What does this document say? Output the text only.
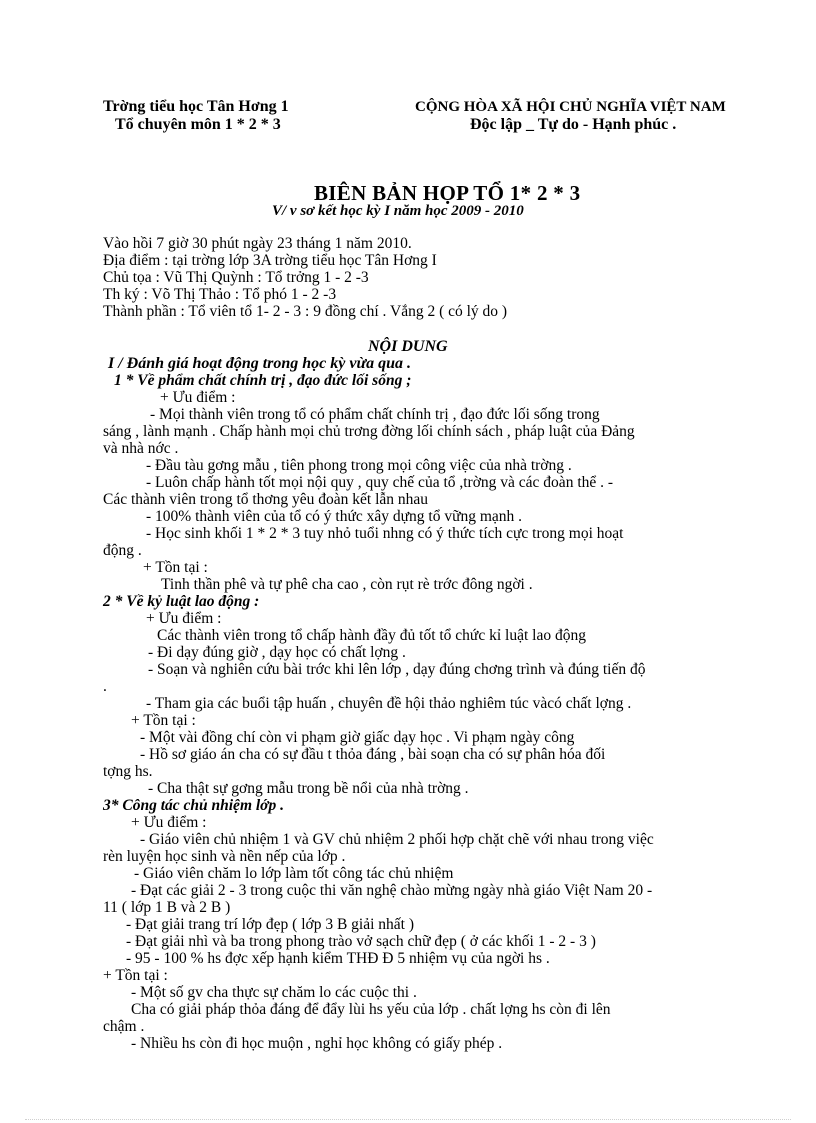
Trờng tiểu học Tân Hơng 1
Tổ chuyên môn 1 * 2 * 3
CỘNG HÒA XÃ HỘI CHỦ NGHĨA VIỆT NAM
Độc lập _ Tự do - Hạnh phúc .
BIÊN BẢN HỌP TỔ 1* 2 * 3
V/ v sơ kết học kỳ I năm học 2009 - 2010
Vào hồi 7 giờ 30 phút ngày 23 tháng 1 năm 2010.
Địa điểm : tại trờng lớp 3A trờng tiểu học Tân Hơng I
Chủ tọa : Vũ Thị Quỳnh : Tổ trởng 1 - 2 -3
Th ký : Võ Thị Thảo : Tổ phó 1 - 2 -3
Thành phần : Tổ viên tổ 1- 2 - 3 : 9 đồng chí . Vắng 2 ( có lý do )
NỘI DUNG
I / Đánh giá hoạt động trong học kỳ vừa qua .
1 * Về phẩm chất chính trị , đạo đức lối sống ;
+ Ưu điểm :
- Mọi thành viên trong tổ có phẩm chất chính trị , đạo đức lối sống trong
sáng , lành mạnh . Chấp hành mọi chủ trơng đờng lối chính sách , pháp luật của Đảng
và nhà nớc .
- Đầu tàu gơng mẫu , tiên phong trong mọi công việc của nhà trờng .
- Luôn chấp hành tốt mọi nội quy , quy chế của tổ ,trờng và các đoàn thể . -
Các thành viên trong tổ thơng yêu đoàn kết lẫn nhau
- 100% thành viên của tổ có ý thức xây dựng tổ vững mạnh .
- Học sinh khối 1 * 2 * 3 tuy nhỏ tuổi nhng có ý thức tích cực trong mọi hoạt
động .
+ Tồn tại :
Tinh thần phê và tự phê cha cao , còn rụt rè trớc đông ngời .
2 * Về kỷ luật lao động :
+ Ưu điểm :
Các thành viên trong tổ chấp hành đầy đủ tốt tổ chức kỉ luật lao động
- Đi dạy đúng giờ , dạy học có chất lợng .
- Soạn và nghiên cứu bài trớc khi lên lớp , dạy đúng chơng trình và đúng tiến độ
.
- Tham gia các buổi tập huấn , chuyên đề hội thảo nghiêm túc vàcó chất lợng .
+ Tồn tại :
- Một vài đồng chí còn vi phạm giờ giấc dạy học . Vi phạm ngày công
- Hồ sơ giáo án cha có sự đầu t thỏa đáng , bài soạn cha có sự phân hóa đối
tợng hs.
- Cha thật sự gơng mẫu trong bề nổi của nhà trờng .
3* Công tác chủ nhiệm lớp .
+ Ưu điểm :
- Giáo viên chủ nhiệm 1 và GV chủ nhiệm 2 phối hợp chặt chẽ với nhau trong việc
rèn luyện học sinh và nền nếp của lớp .
- Giáo viên chăm lo lớp làm tốt công tác chủ nhiệm
- Đạt các giải 2 - 3 trong cuộc thi văn nghệ chào mừng ngày nhà giáo Việt Nam 20 -
11 ( lớp 1 B và 2 B )
- Đạt giải trang trí lớp đẹp ( lớp 3 B giải nhất )
- Đạt giải nhì và ba trong phong trào vở sạch chữ đẹp ( ở các khối 1 - 2 - 3 )
- 95 - 100 % hs đợc xếp hạnh kiểm THĐ Đ 5 nhiệm vụ của ngời hs .
+ Tồn tại :
- Một số gv cha thực sự chăm lo các cuộc thi .
Cha có giải pháp thỏa đáng để đẩy lùi hs yếu của lớp . chất lợng hs còn đi lên
chậm .
- Nhiều hs còn đi học muộn , nghỉ học không có giấy phép .
